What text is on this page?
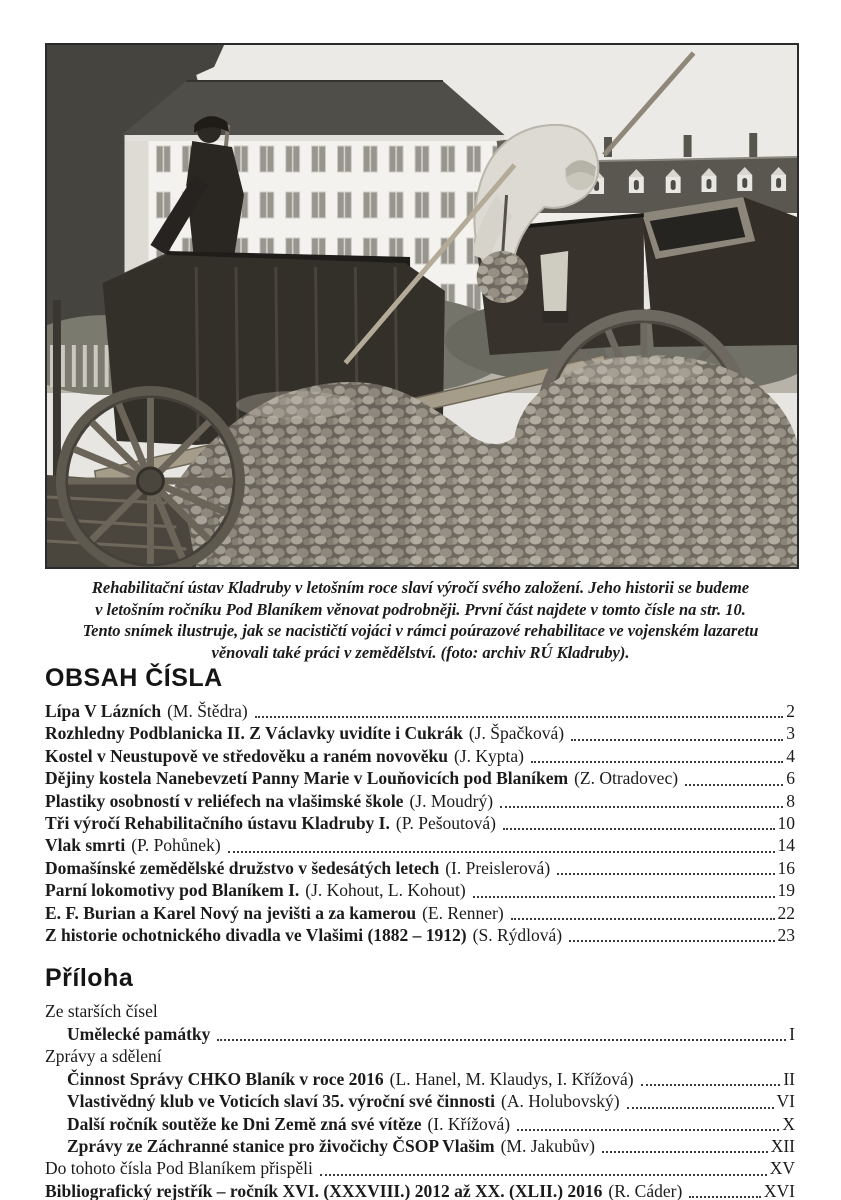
Rehabilitační ústav Kladruby v letošním roce slaví výročí svého založení. Jeho historii se budeme
v letošním ročníku Pod Blaníkem věnovat podrobněji. První část najdete v tomto čísle na str. 10.
Tento snímek ilustruje, jak se nacističtí vojáci v rámci poúrazové rehabilitace ve vojenském lazaretu
věnovali také práci v zemědělství. (foto: archiv RÚ Kladruby).
OBSAH ČÍSLA
Lípa V Lázních (M. Štědra)	2
Rozhledny Podblanicka II. Z Václavky uvidíte i Cukrák (J. Špačková)	3
Kostel v Neustupově ve středověku a raném novověku (J. Kypta)	4
Dějiny kostela Nanebevzetí Panny Marie v Louňovicích pod Blaníkem (Z. Otradovec)	6
Plastiky osobností v reliéfech na vlašimské škole (J. Moudrý)	8
Tři výročí Rehabilitačního ústavu Kladruby I. (P. Pešoutová)	10
Vlak smrti (P. Pohůnek)	14
Domašínské zemědělské družstvo v šedesátých letech (I. Preislerová)	16
Parní lokomotivy pod Blaníkem I. (J. Kohout, L. Kohout)	19
E. F. Burian a Karel Nový na jevišti a za kamerou (E. Renner)	22
Z historie ochotnického divadla ve Vlašimi (1882 – 1912) (S. Rýdlová)	23
Příloha
Ze starších čísel
Umělecké památky	I
Zprávy a sdělení
Činnost Správy CHKO Blaník v roce 2016 (L. Hanel, M. Klaudys, I. Křížová)	II
Vlastivědný klub ve Voticích slaví 35. výroční své činnosti (A. Holubovský)	VI
Další ročník soutěže ke Dni Země zná své vítěze (I. Křížová)	X
Zprávy ze Záchranné stanice pro živočichy ČSOP Vlašim (M. Jakubův)	XII
Do tohoto čísla Pod Blaníkem přispěli	XV
Bibliografický rejstřík – ročník XVI. (XXXVIII.) 2012 až XX. (XLII.) 2016 (R. Cáder)	XVI
